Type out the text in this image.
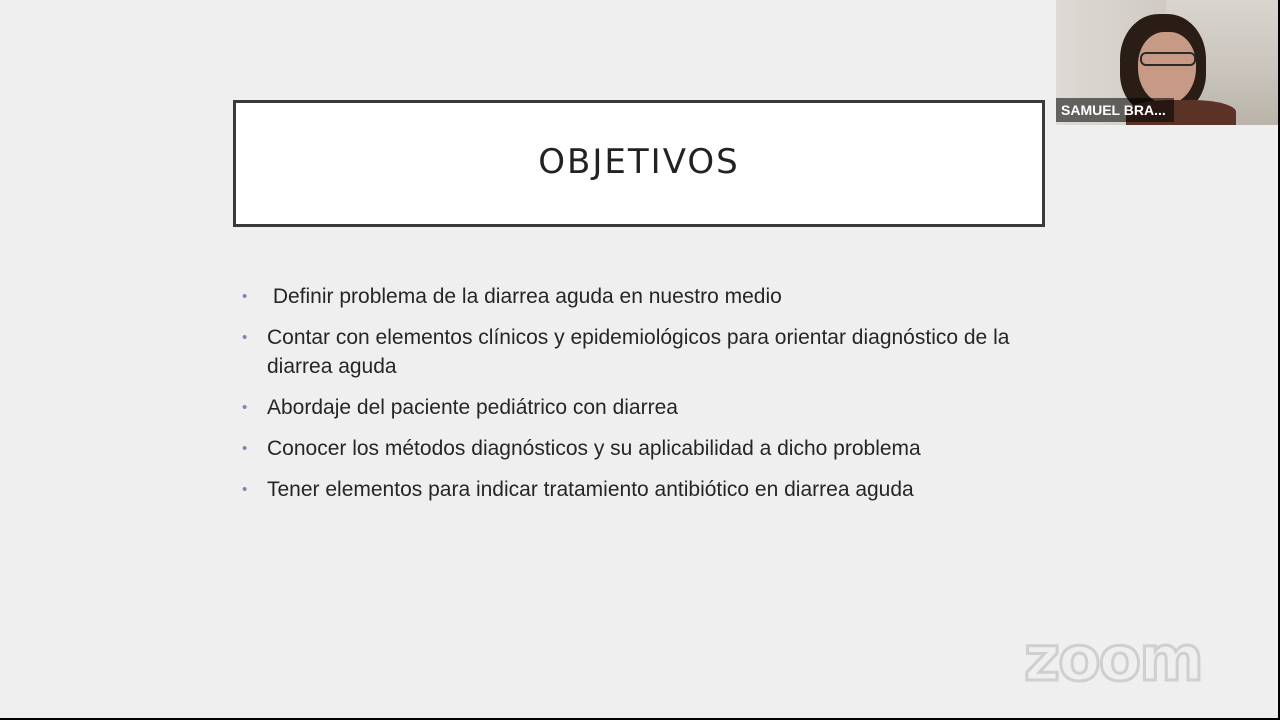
OBJETIVOS
• Definir problema de la diarrea aguda en nuestro medio
• Contar con elementos clínicos y epidemiológicos para orientar diagnóstico de la diarrea aguda
• Abordaje del paciente pediátrico con diarrea
• Conocer los métodos diagnósticos y su aplicabilidad a dicho problema
• Tener elementos para indicar tratamiento antibiótico en diarrea aguda
zoom
SAMUEL BRA...
